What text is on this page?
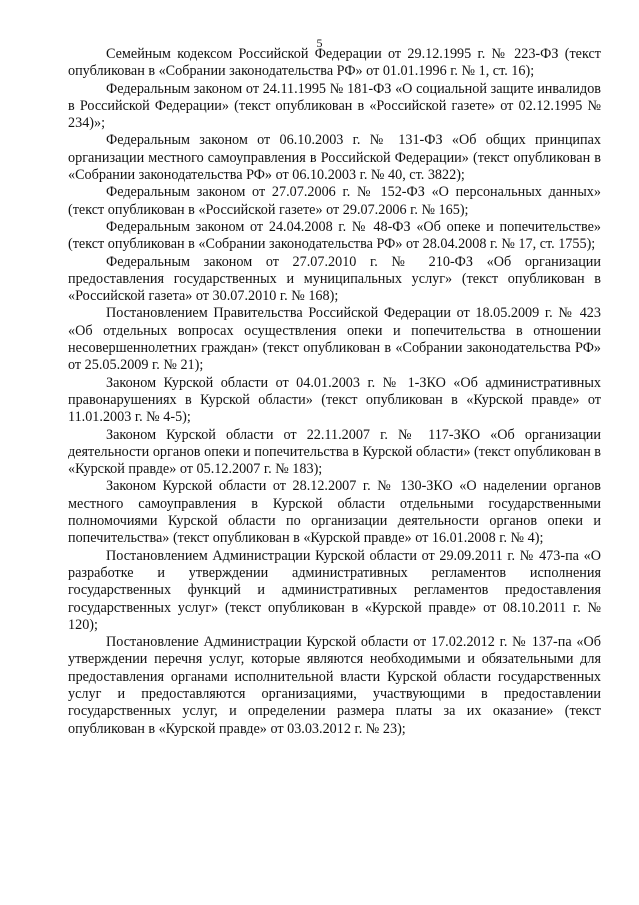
5

Семейным кодексом Российской Федерации от 29.12.1995 г. № 223-ФЗ (текст опубликован в «Собрании законодательства РФ» от 01.01.1996 г. № 1, ст. 16);

Федеральным законом от 24.11.1995 № 181-ФЗ «О социальной защите инвалидов в Российской Федерации» (текст опубликован в «Российской газете» от 02.12.1995 № 234)»;

Федеральным законом от 06.10.2003 г. № 131-ФЗ «Об общих принципах организации местного самоуправления в Российской Федерации» (текст опубликован в «Собрании законодательства РФ» от 06.10.2003 г. № 40, ст. 3822);

Федеральным законом от 27.07.2006 г. № 152-ФЗ «О персональных данных» (текст опубликован в «Российской газете» от 29.07.2006 г. № 165);

Федеральным законом от 24.04.2008 г. № 48-ФЗ «Об опеке и попечительстве» (текст опубликован в «Собрании законодательства РФ» от 28.04.2008 г. № 17, ст. 1755);

Федеральным законом от 27.07.2010 г. № 210-ФЗ «Об организации предоставления государственных и муниципальных услуг» (текст опубликован в «Российской газета» от 30.07.2010 г. № 168);

Постановлением Правительства Российской Федерации от 18.05.2009 г. № 423 «Об отдельных вопросах осуществления опеки и попечительства в отношении несовершеннолетних граждан» (текст опубликован в «Собрании законодательства РФ» от 25.05.2009 г. № 21);

Законом Курской области от 04.01.2003 г. № 1-ЗКО «Об административных правонарушениях в Курской области» (текст опубликован в «Курской правде» от 11.01.2003 г. № 4-5);

Законом Курской области от 22.11.2007 г. № 117-ЗКО «Об организации деятельности органов опеки и попечительства в Курской области» (текст опубликован в «Курской правде» от 05.12.2007 г. № 183);

Законом Курской области от 28.12.2007 г. № 130-ЗКО «О наделении органов местного самоуправления в Курской области отдельными государственными полномочиями Курской области по организации деятельности органов опеки и попечительства» (текст опубликован в «Курской правде» от 16.01.2008 г. № 4);

Постановлением Администрации Курской области от 29.09.2011 г. № 473-па «О разработке и утверждении административных регламентов исполнения государственных функций и административных регламентов предоставления государственных услуг» (текст опубликован в «Курской правде» от 08.10.2011 г. № 120);

Постановление Администрации Курской области от 17.02.2012 г. № 137-па «Об утверждении перечня услуг, которые являются необходимыми и обязательными для предоставления органами исполнительной власти Курской области государственных услуг и предоставляются организациями, участвующими в предоставлении государственных услуг, и определении размера платы за их оказание» (текст опубликован в «Курской правде» от 03.03.2012 г. № 23);
